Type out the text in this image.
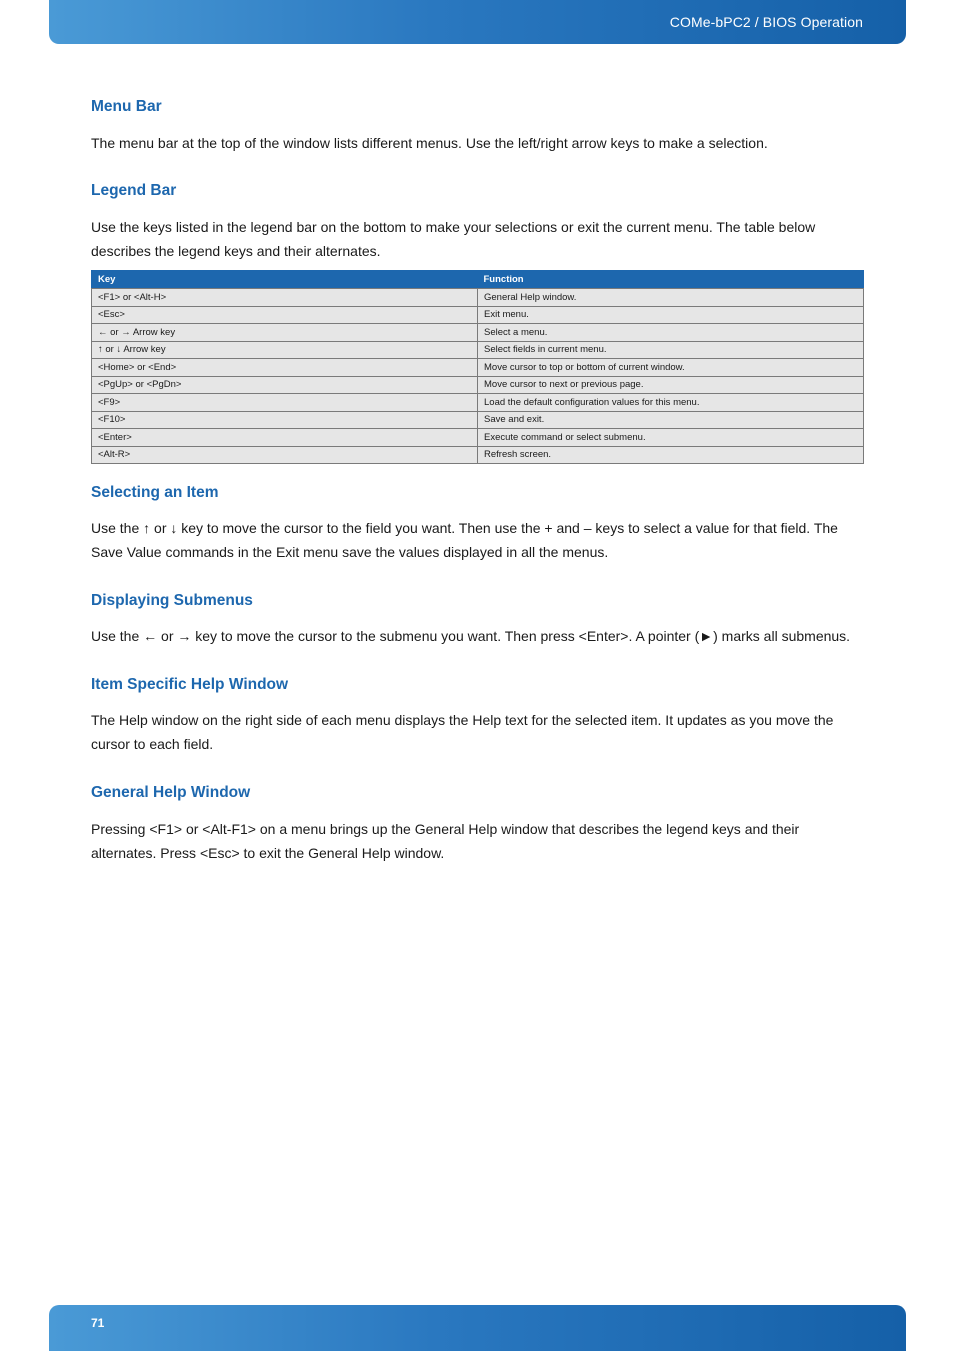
COMe-bPC2 / BIOS Operation
Menu Bar

The menu bar at the top of the window lists different menus. Use the left/right arrow keys to make a selection.

Legend Bar

Use the keys listed in the legend bar on the bottom to make your selections or exit the current menu. The table below describes the legend keys and their alternates.

Key	Function
<F1> or <Alt-H>	General Help window.
<Esc>	Exit menu.
← or → Arrow key	Select a menu.
↑ or ↓ Arrow key	Select fields in current menu.
<Home> or <End>	Move cursor to top or bottom of current window.
<PgUp> or <PgDn>	Move cursor to next or previous page.
<F9>	Load the default configuration values for this menu.
<F10>	Save and exit.
<Enter>	Execute command or select submenu.
<Alt-R>	Refresh screen.
Selecting an Item

Use the ↑ or ↓ key to move the cursor to the field you want. Then use the + and – keys to select a value for that field. The Save Value commands in the Exit menu save the values displayed in all the menus.

Displaying Submenus

Use the ← or → key to move the cursor to the submenu you want. Then press <Enter>. A pointer (►) marks all submenus.

Item Specific Help Window

The Help window on the right side of each menu displays the Help text for the selected item. It updates as you move the cursor to each field.

General Help Window

Pressing <F1> or <Alt-F1> on a menu brings up the General Help window that describes the legend keys and their alternates. Press <Esc> to exit the General Help window.

71
